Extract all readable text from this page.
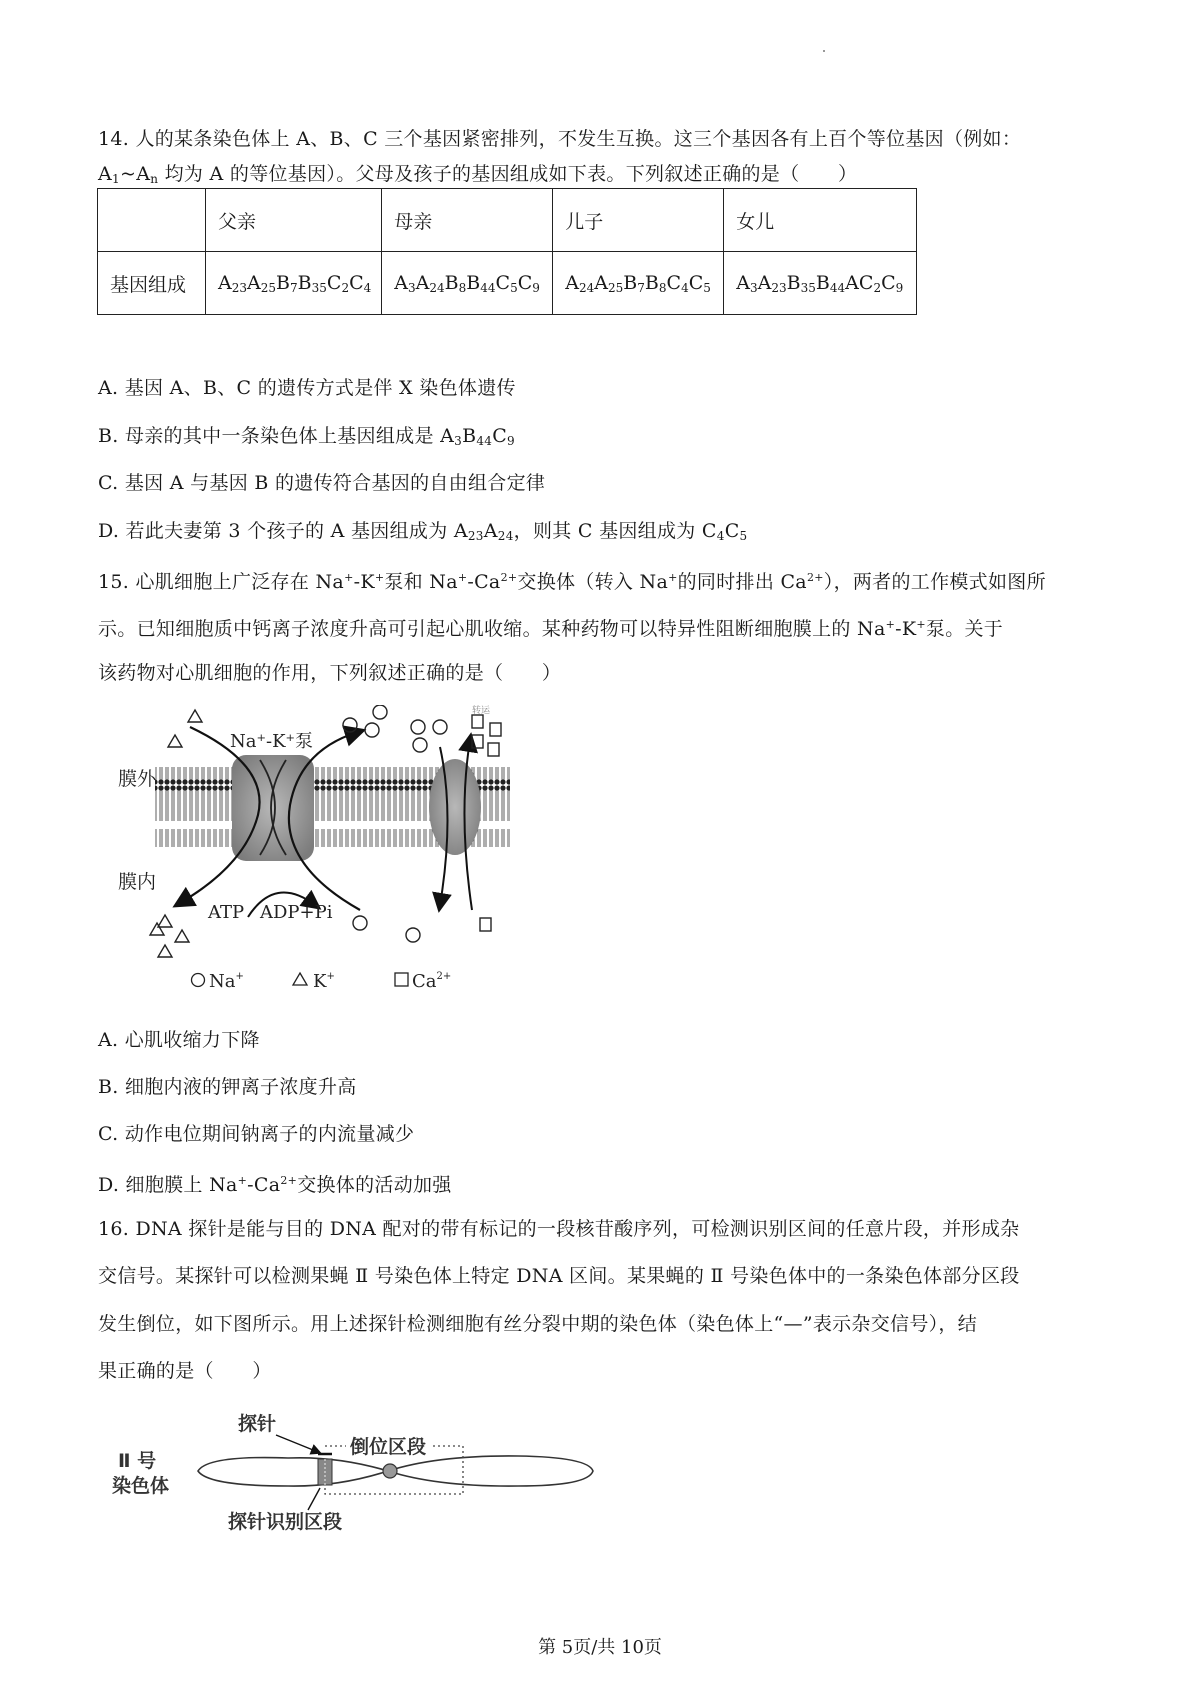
14. 人的某条染色体上 A、B、C 三个基因紧密排列，不发生互换。这三个基因各有上百个等位基因（例如：
$A_1\sim A_n$ 均为 A 的等位基因）。父母及孩子的基因组成如下表。下列叙述正确的是（　　）
	父亲	母亲	儿子	女儿
基因组成	$A_{23}A_{25}B_7B_{35}C_2C_4$	$A_3A_{24}B_8B_{44}C_5C_9$	$A_{24}A_{25}B_7B_8C_4C_5$	$A_3A_{23}B_{35}B_{44}AC_2C_9$
A. 基因 A、B、C 的遗传方式是伴 X 染色体遗传
B. 母亲的其中一条染色体上基因组成是 $A_3B_{44}C_9$
C. 基因 A 与基因 B 的遗传符合基因的自由组合定律
D. 若此夫妻第 3 个孩子的 A 基因组成为 $A_{23}A_{24}$，则其 C 基因组成为 $C_4C_5$
15. 心肌细胞上广泛存在 Na+-K+泵和 $Na^+-Ca^{2+}$交换体（转入 Na+的同时排出 $Ca^{2+}$），两者的工作模式如图所
示。已知细胞质中钙离子浓度升高可引起心肌收缩。某种药物可以特异性阻断细胞膜上的 Na+-K+泵。关于
该药物对心肌细胞的作用，下列叙述正确的是（　　）
膜外
膜内
Na⁺-K⁺泵
ATP ADP+Pi
转运
Na+	K+	$Ca^{2+}$
A. 心肌收缩力下降
B. 细胞内液的钾离子浓度升高
C. 动作电位期间钠离子的内流量减少
D. 细胞膜上 $Na^+-Ca^{2+}$交换体的活动加强
16. DNA 探针是能与目的 DNA 配对的带有标记的一段核苷酸序列，可检测识别区间的任意片段，并形成杂
交信号。某探针可以检测果蝇 Ⅱ 号染色体上特定 DNA 区间。某果蝇的 Ⅱ 号染色体中的一条染色体部分区段
发生倒位，如下图所示。用上述探针检测细胞有丝分裂中期的染色体（染色体上“—”表示杂交信号），结
果正确的是（　　）
Ⅱ 号
染色体
探针
倒位区段
探针识别区段
第 5页/共 10页
